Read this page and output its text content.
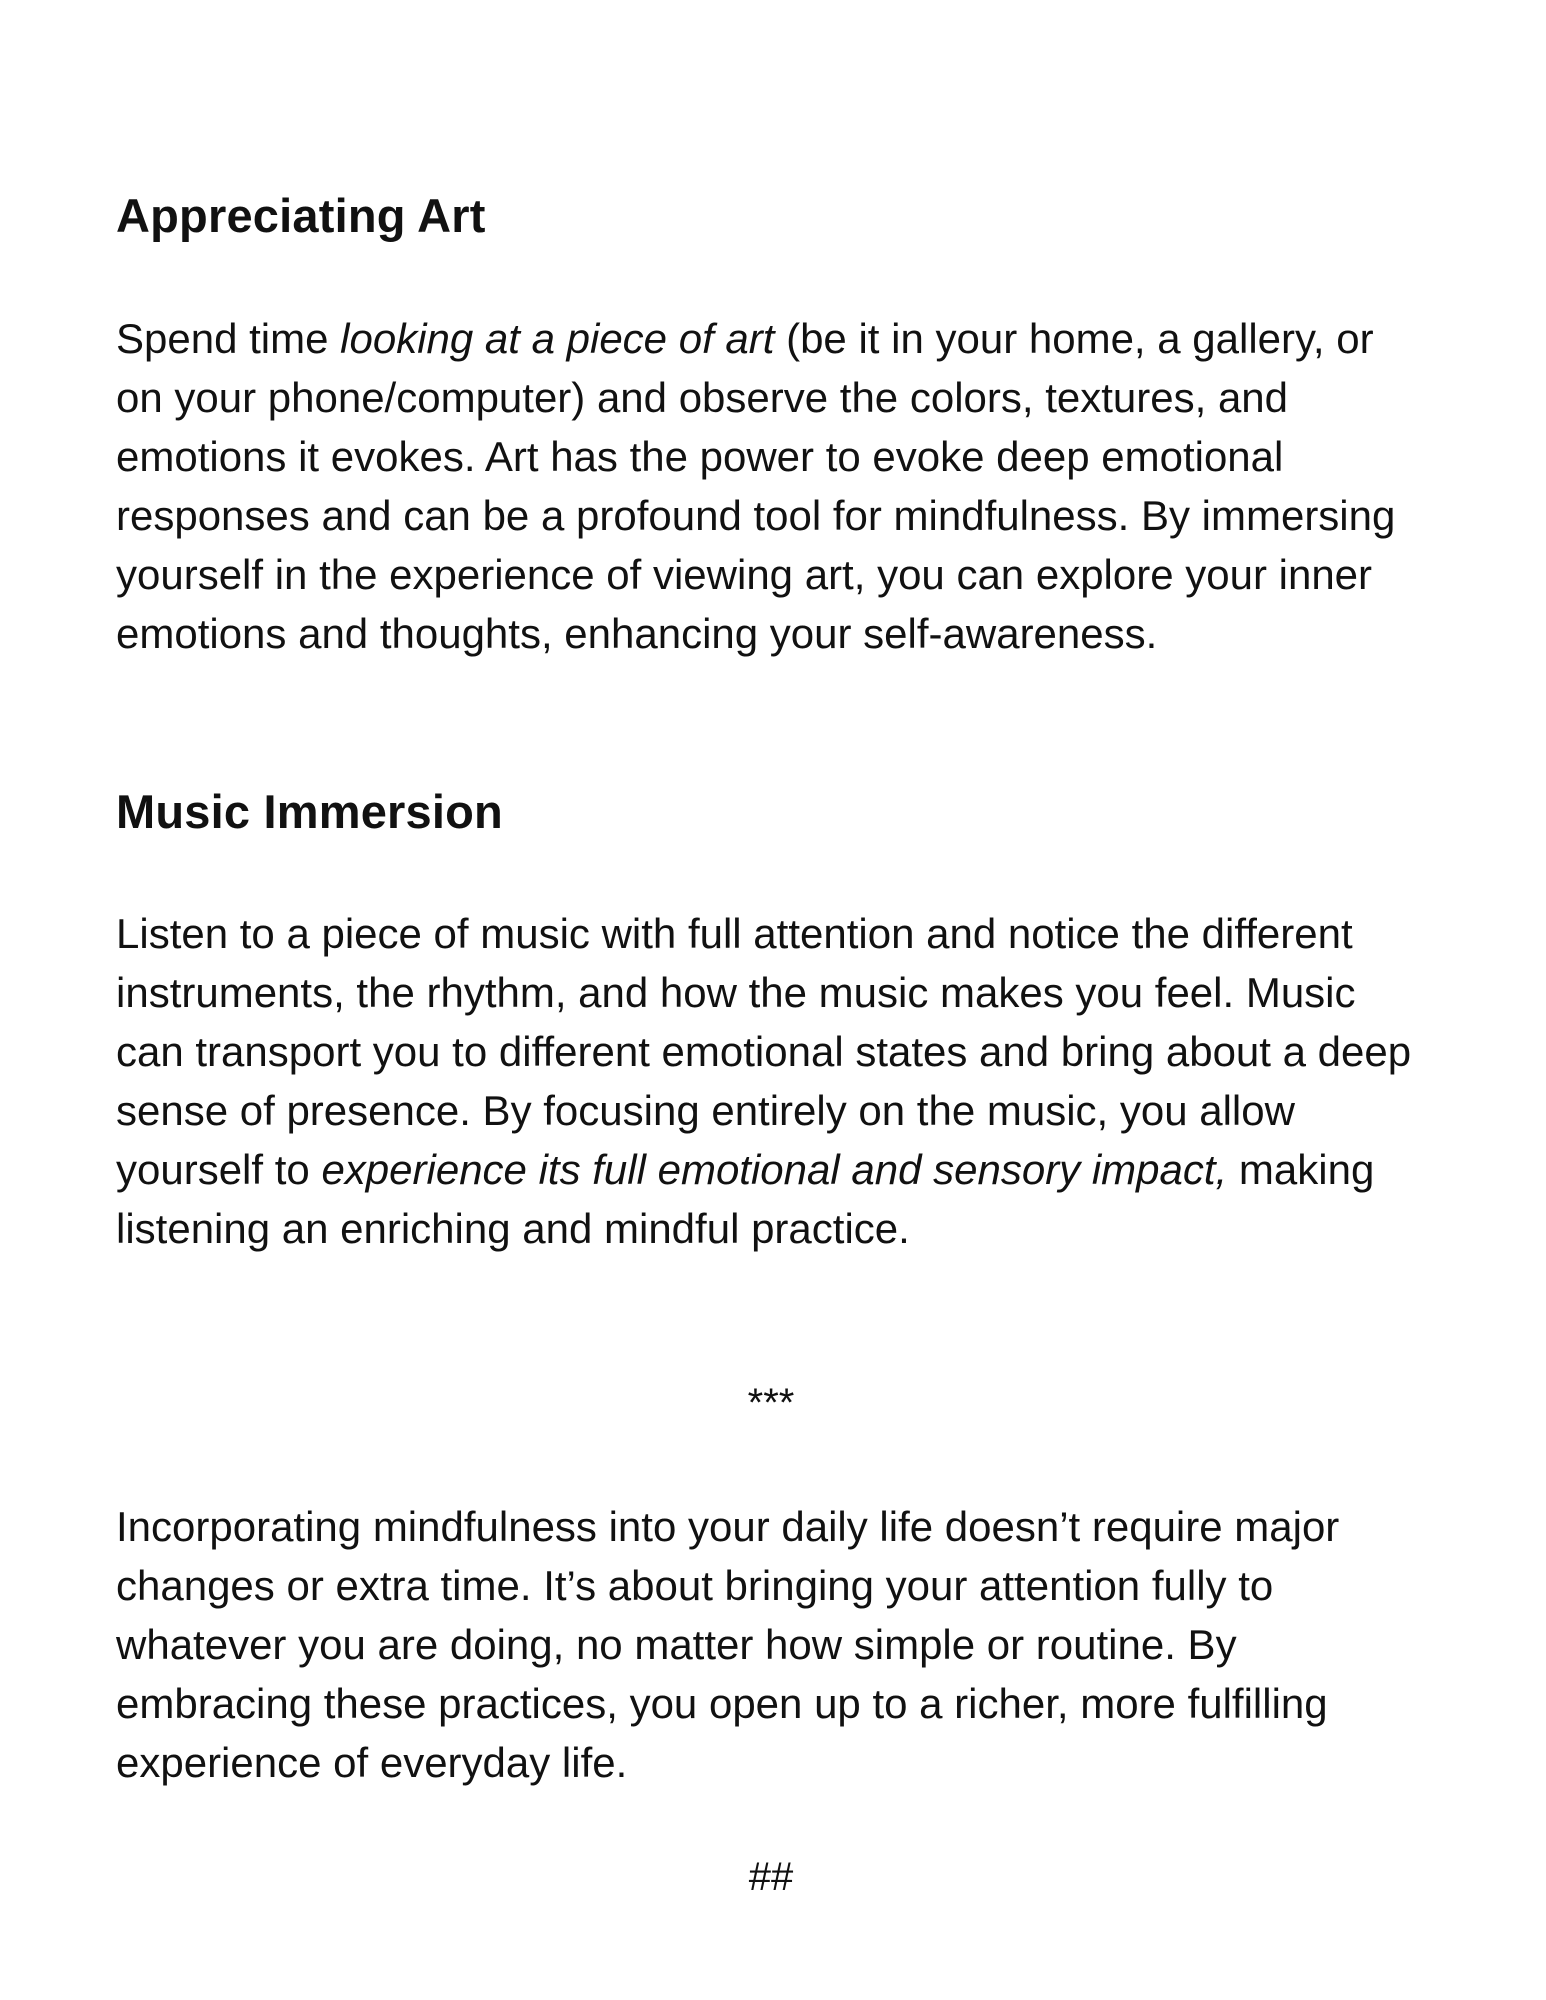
Appreciating Art

Spend time looking at a piece of art (be it in your home, a gallery, or on your phone/computer) and observe the colors, textures, and emotions it evokes. Art has the power to evoke deep emotional responses and can be a profound tool for mindfulness. By immersing yourself in the experience of viewing art, you can explore your inner emotions and thoughts, enhancing your self-awareness.

Music Immersion

Listen to a piece of music with full attention and notice the different instruments, the rhythm, and how the music makes you feel. Music can transport you to different emotional states and bring about a deep sense of presence. By focusing entirely on the music, you allow yourself to experience its full emotional and sensory impact, making listening an enriching and mindful practice.

***

Incorporating mindfulness into your daily life doesn’t require major changes or extra time. It’s about bringing your attention fully to whatever you are doing, no matter how simple or routine. By embracing these practices, you open up to a richer, more fulfilling experience of everyday life.

##
